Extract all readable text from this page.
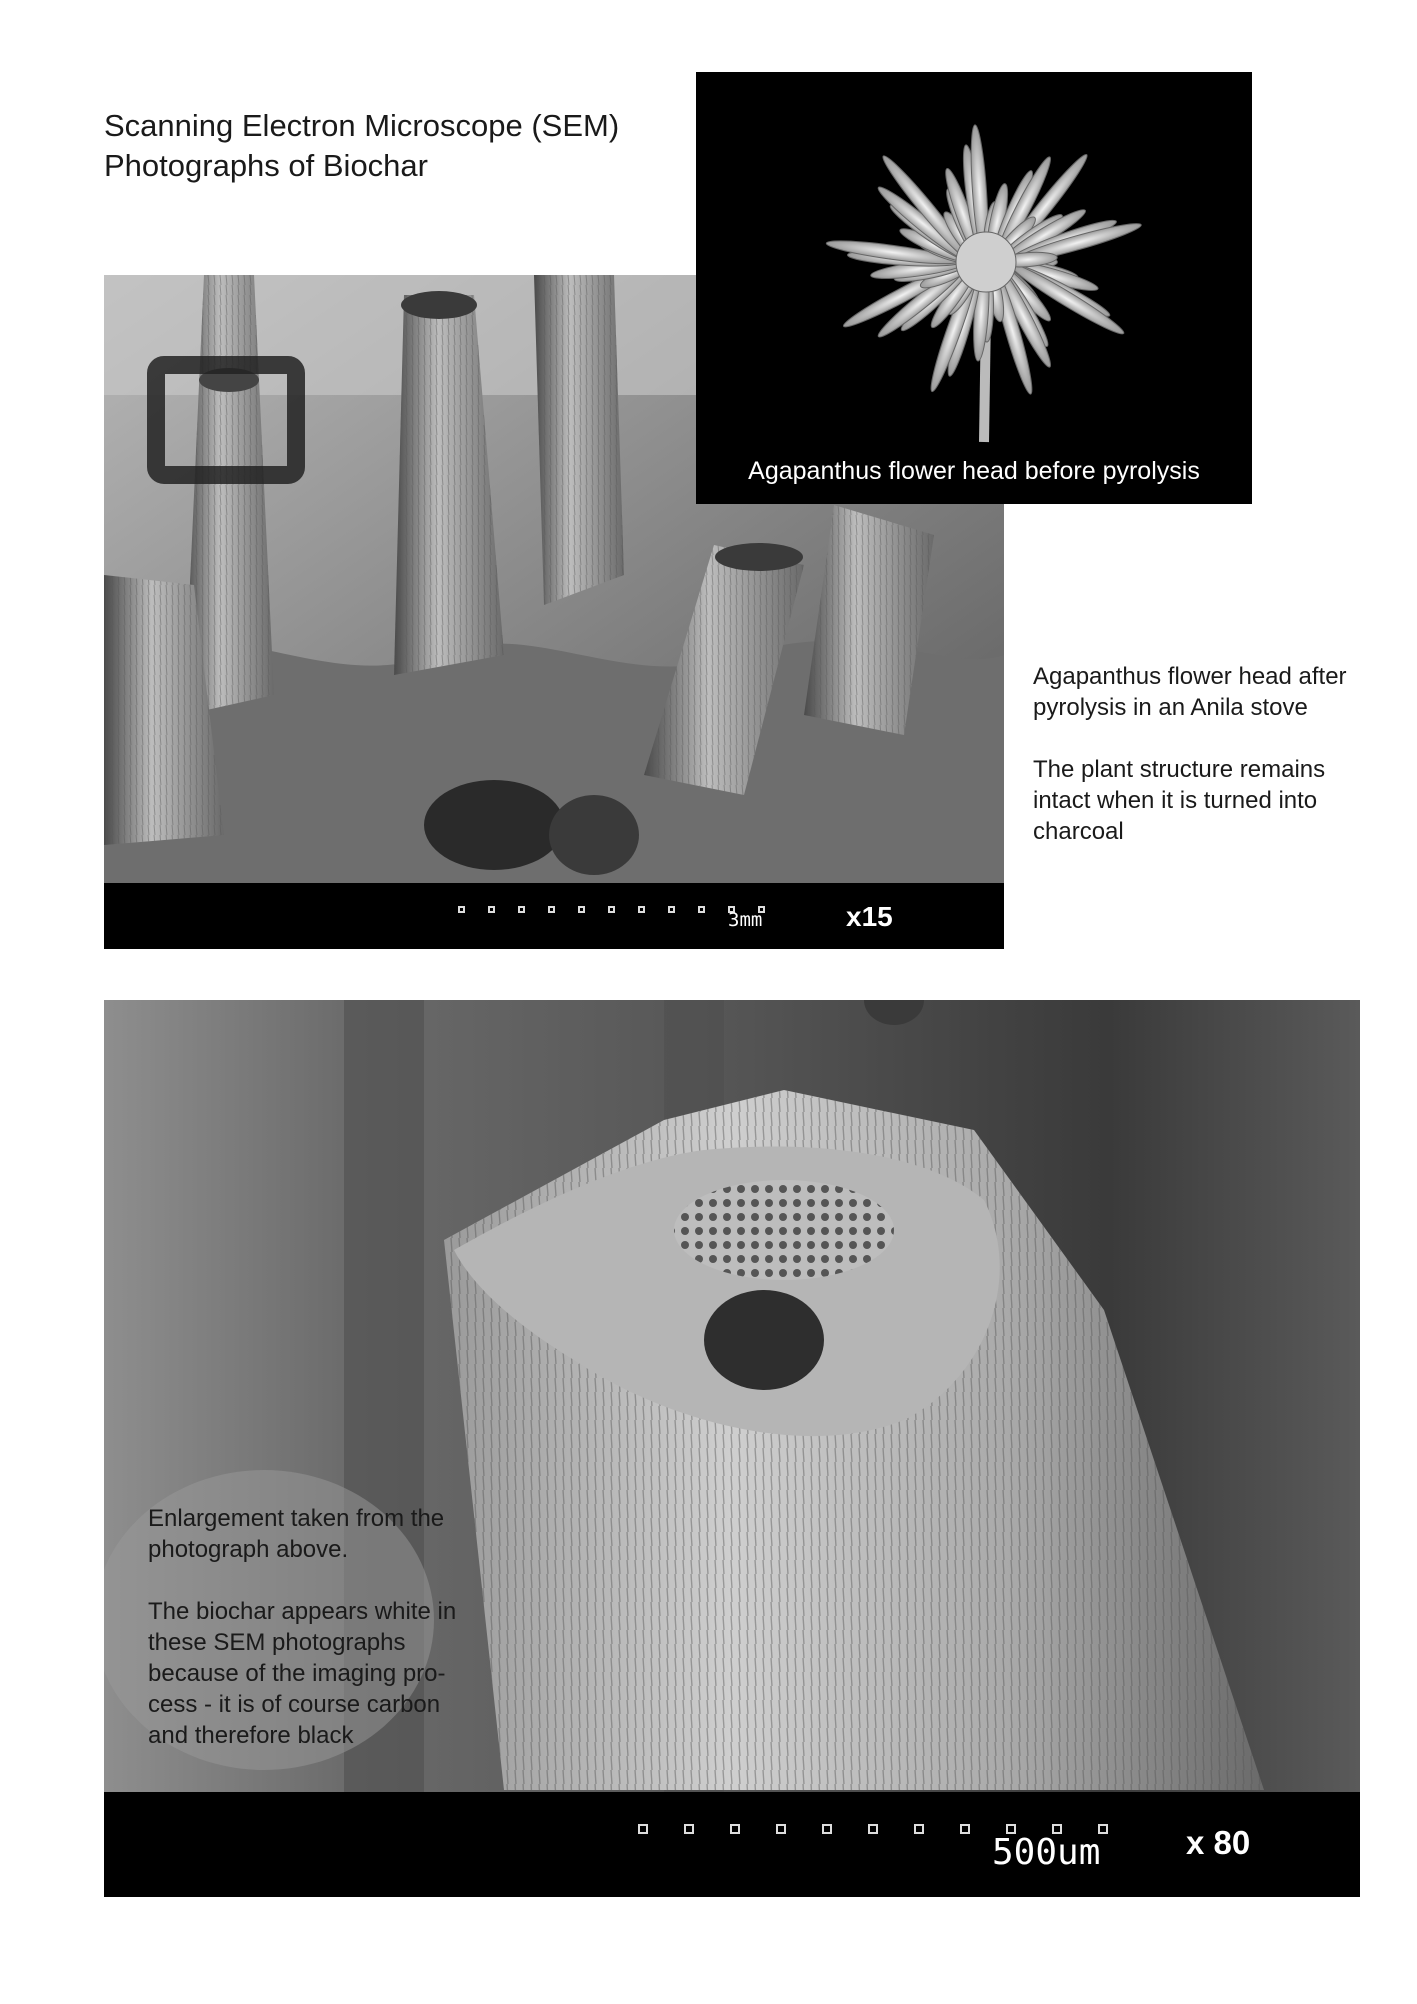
Scanning Electron Microscope (SEM)
Photographs of Biochar
3mm	x15
Agapanthus flower head before pyrolysis

Agapanthus flower head after pyrolysis in an Anila stove

The plant structure remains intact when it is turned into charcoal

Enlargement taken from the photograph above.

The biochar appears white in these SEM photographs because of the imaging pro-cess - it is of course carbon and therefore black

500um	x 80
